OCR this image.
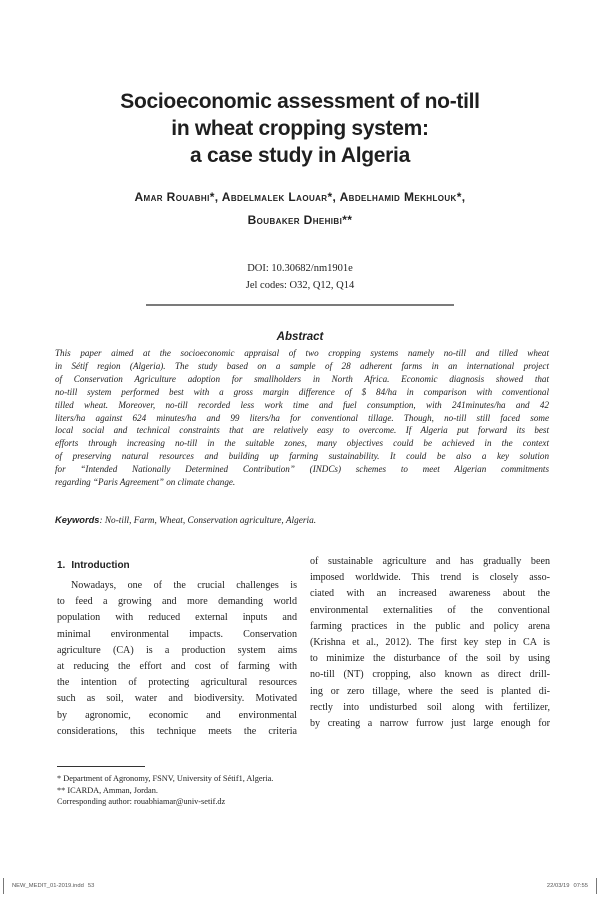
Socioeconomic assessment of no-till
in wheat cropping system:
a case study in Algeria
Amar Rouabhi*, Abdelmalek Laouar*, Abdelhamid Mekhlouk*,
Boubaker Dhehibi**
DOI: 10.30682/nm1901e
Jel codes: O32, Q12, Q14
Abstract
This paper aimed at the socioeconomic appraisal of two cropping systems namely no-till and tilled wheat
in Sétif region (Algeria). The study based on a sample of 28 adherent farms in an international project
of Conservation Agriculture adoption for smallholders in North Africa. Economic diagnosis showed that
no-till system performed best with a gross margin difference of $ 84/ha in comparison with conventional
tilled wheat. Moreover, no-till recorded less work time and fuel consumption, with 241minutes/ha and 42
liters/ha against 624 minutes/ha and 99 liters/ha for conventional tillage. Though, no-till still faced some
local social and technical constraints that are relatively easy to overcome. If Algeria put forward its best
efforts through increasing no-till in the suitable zones, many objectives could be achieved in the context
of preserving natural resources and building up farming sustainability. It could be also a key solution
for “Intended Nationally Determined Contribution” (INDCs) schemes to meet Algerian commitments
regarding “Paris Agreement” on climate change.
Keywords: No-till, Farm, Wheat, Conservation agriculture, Algeria.
1. Introduction
Nowadays, one of the crucial challenges is
to feed a growing and more demanding world
population with reduced external inputs and
minimal environmental impacts. Conservation
agriculture (CA) is a production system aims
at reducing the effort and cost of farming with
the intention of protecting agricultural resources
such as soil, water and biodiversity. Motivated
by agronomic, economic and environmental
considerations, this technique meets the criteria
of sustainable agriculture and has gradually been
imposed worldwide. This trend is closely asso-
ciated with an increased awareness about the
environmental externalities of the conventional
farming practices in the public and policy arena
(Krishna et al., 2012). The first key step in CA is
to minimize the disturbance of the soil by using
no-till (NT) cropping, also known as direct drill-
ing or zero tillage, where the seed is planted di-
rectly into undisturbed soil along with fertilizer,
by creating a narrow furrow just large enough for
* Department of Agronomy, FSNV, University of Sétif1, Algeria.
** ICARDA, Amman, Jordan.
Corresponding author: rouabhiamar@univ-setif.dz
NEW_MEDIT_01-2019.indd 53	22/03/19 07:55
